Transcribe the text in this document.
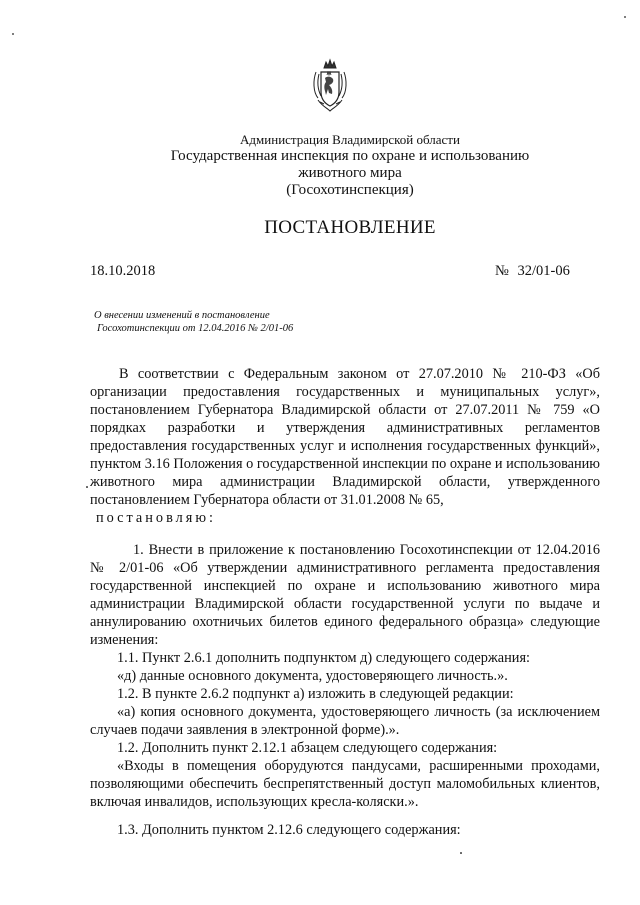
Администрация Владимирской области
Государственная инспекция по охране и использованию
животного мира
(Госохотинспекция)
ПОСТАНОВЛЕНИЕ
18.10.2018	№ 32/01-06
О внесении изменений в постановление
Госохотинспекции от 12.04.2016 № 2/01-06
В соответствии с Федеральным законом от 27.07.2010 № 210-ФЗ «Об организации предоставления государственных и муниципальных услуг», постановлением Губернатора Владимирской области от 27.07.2011 № 759 «О порядках разработки и утверждения административных регламентов предоставления государственных услуг и исполнения государственных функций», пунктом 3.16 Положения о государственной инспекции по охране и использованию животного мира администрации Владимирской области, утвержденного постановлением Губернатора области от 31.01.2008 № 65,
постановляю:
1. Внести в приложение к постановлению Госохотинспекции от 12.04.2016 № 2/01-06 «Об утверждении административного регламента предоставления государственной инспекцией по охране и использованию животного мира администрации Владимирской области государственной услуги по выдаче и аннулированию охотничьих билетов единого федерального образца» следующие изменения:
1.1. Пункт 2.6.1 дополнить подпунктом д) следующего содержания:
«д) данные основного документа, удостоверяющего личность.».
1.2. В пункте 2.6.2 подпункт а) изложить в следующей редакции:
«а) копия основного документа, удостоверяющего личность (за исключением случаев подачи заявления в электронной форме).».
1.2. Дополнить пункт 2.12.1 абзацем следующего содержания:
«Входы в помещения оборудуются пандусами, расширенными проходами, позволяющими обеспечить беспрепятственный доступ маломобильных клиентов, включая инвалидов, использующих кресла-коляски.».
1.3. Дополнить пунктом 2.12.6 следующего содержания:
